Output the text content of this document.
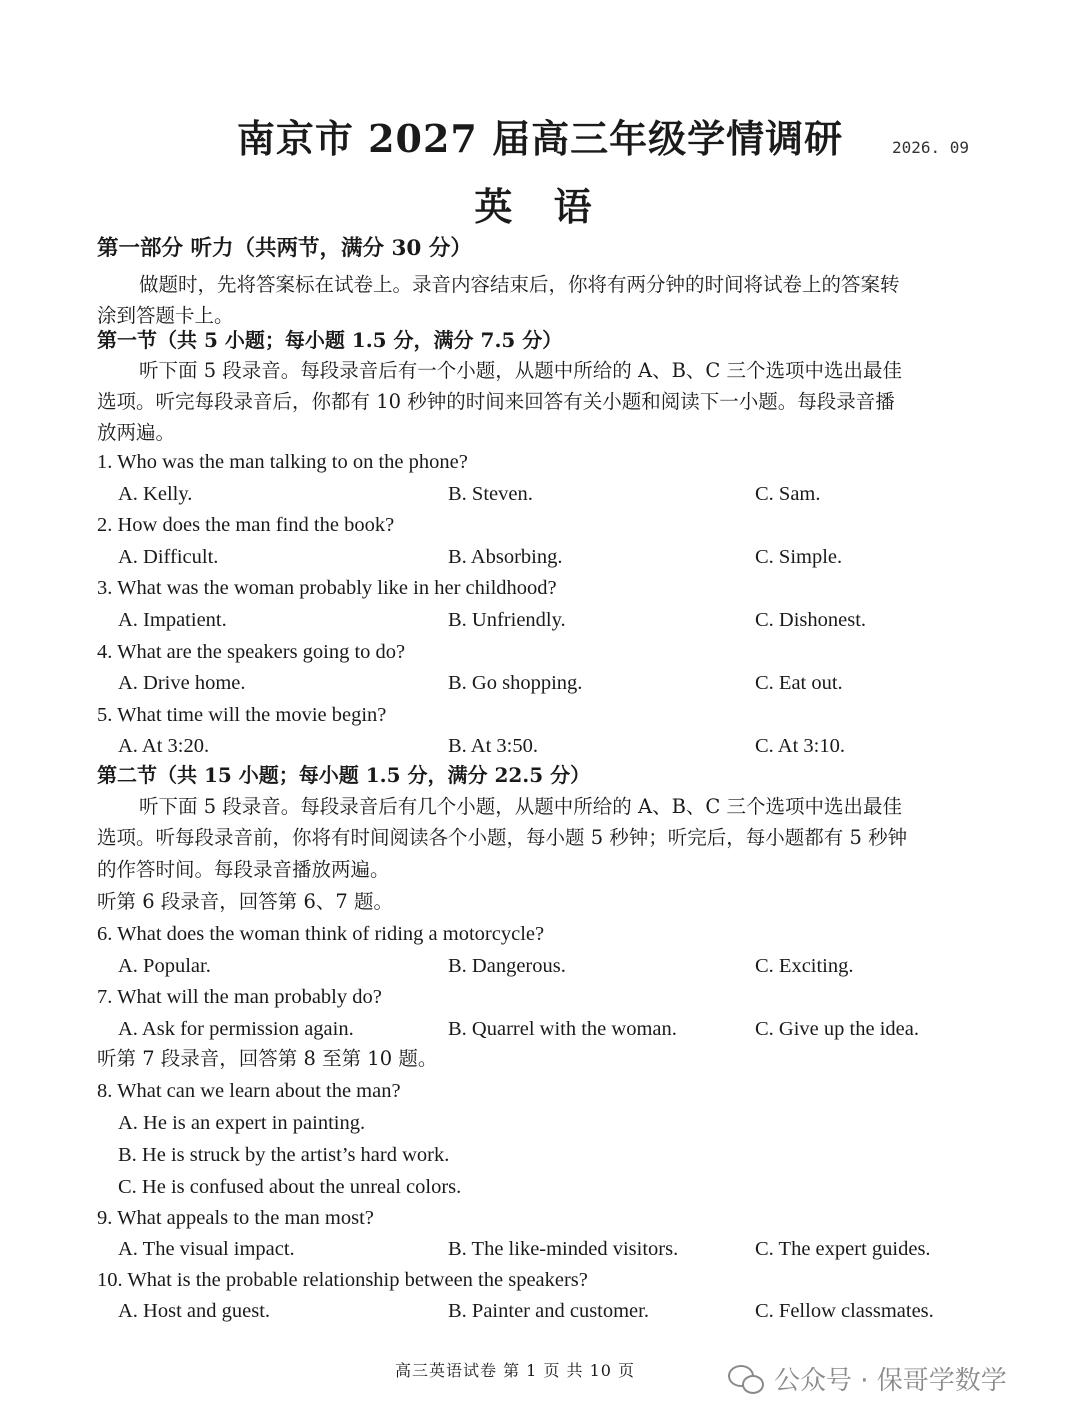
南京市 2027 届高三年级学情调研	2026. 09
英 语
第一部分 听力（共两节，满分 30 分）
做题时，先将答案标在试卷上。录音内容结束后，你将有两分钟的时间将试卷上的答案转
涂到答题卡上。
第一节（共 5 小题；每小题 1.5 分，满分 7.5 分）
听下面 5 段录音。每段录音后有一个小题，从题中所给的 A、B、C 三个选项中选出最佳
选项。听完每段录音后，你都有 10 秒钟的时间来回答有关小题和阅读下一小题。每段录音播
放两遍。
1. Who was the man talking to on the phone?
A. Kelly.	B. Steven.	C. Sam.
2. How does the man find the book?
A. Difficult.	B. Absorbing.	C. Simple.
3. What was the woman probably like in her childhood?
A. Impatient.	B. Unfriendly.	C. Dishonest.
4. What are the speakers going to do?
A. Drive home.	B. Go shopping.	C. Eat out.
5. What time will the movie begin?
A. At 3:20.	B. At 3:50.	C. At 3:10.
第二节（共 15 小题；每小题 1.5 分，满分 22.5 分）
听下面 5 段录音。每段录音后有几个小题，从题中所给的 A、B、C 三个选项中选出最佳
选项。听每段录音前，你将有时间阅读各个小题，每小题 5 秒钟；听完后，每小题都有 5 秒钟
的作答时间。每段录音播放两遍。
听第 6 段录音，回答第 6、7 题。
6. What does the woman think of riding a motorcycle?
A. Popular.	B. Dangerous.	C. Exciting.
7. What will the man probably do?
A. Ask for permission again.	B. Quarrel with the woman.	C. Give up the idea.
听第 7 段录音，回答第 8 至第 10 题。
8. What can we learn about the man?
A. He is an expert in painting.
B. He is struck by the artist’s hard work.
C. He is confused about the unreal colors.
9. What appeals to the man most?
A. The visual impact.	B. The like-minded visitors.	C. The expert guides.
10. What is the probable relationship between the speakers?
A. Host and guest.	B. Painter and customer.	C. Fellow classmates.
高三英语试卷 第 1 页 共 10 页	公众号 · 保哥学数学
